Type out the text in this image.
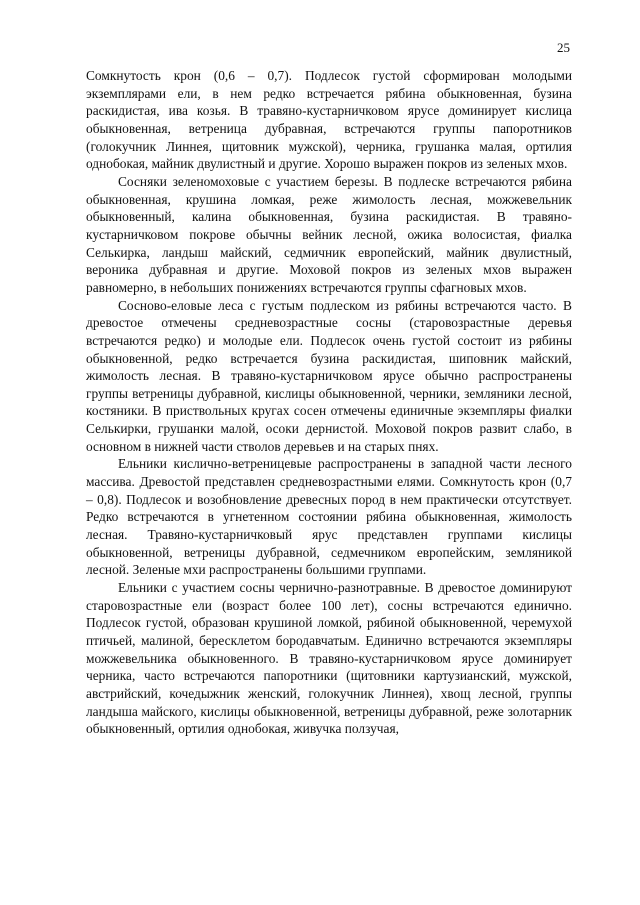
25

Сомкнутость крон (0,6 – 0,7). Подлесок густой сформирован молодыми экземплярами ели, в нем редко встречается рябина обыкновенная, бузина раскидистая, ива козья. В травяно-кустарничковом ярусе доминирует кислица обыкновенная, ветреница дубравная, встречаются группы папоротников (голокучник Линнея, щитовник мужской), черника, грушанка малая, ортилия однобокая, майник двулистный и другие. Хорошо выражен покров из зеленых мхов.

Сосняки зеленомоховые с участием березы. В подлеске встречаются рябина обыкновенная, крушина ломкая, реже жимолость лесная, можжевельник обыкновенный, калина обыкновенная, бузина раскидистая. В травяно-кустарничковом покрове обычны вейник лесной, ожика волосистая, фиалка Селькирка, ландыш майский, седмичник европейский, майник двулистный, вероника дубравная и другие. Моховой покров из зеленых мхов выражен равномерно, в небольших понижениях встречаются группы сфагновых мхов.

Сосново-еловые леса с густым подлеском из рябины встречаются часто. В древостое отмечены средневозрастные сосны (старовозрастные деревья встречаются редко) и молодые ели. Подлесок очень густой состоит из рябины обыкновенной, редко встречается бузина раскидистая, шиповник майский, жимолость лесная. В травяно-кустарничковом ярусе обычно распространены группы ветреницы дубравной, кислицы обыкновенной, черники, земляники лесной, костяники. В приствольных кругах сосен отмечены единичные экземпляры фиалки Селькирки, грушанки малой, осоки дернистой. Моховой покров развит слабо, в основном в нижней части стволов деревьев и на старых пнях.

Ельники кислично-ветреницевые распространены в западной части лесного массива. Древостой представлен средневозрастными елями. Сомкнутость крон (0,7 – 0,8). Подлесок и возобновление древесных пород в нем практически отсутствует. Редко встречаются в угнетенном состоянии рябина обыкновенная, жимолость лесная. Травяно-кустарничковый ярус представлен группами кислицы обыкновенной, ветреницы дубравной, седмечником европейским, земляникой лесной. Зеленые мхи распространены большими группами.

Ельники с участием сосны чернично-разнотравные. В древостое доминируют старовозрастные ели (возраст более 100 лет), сосны встречаются единично. Подлесок густой, образован крушиной ломкой, рябиной обыкновенной, черемухой птичьей, малиной, бересклетом бородавчатым. Единично встречаются экземпляры можжевельника обыкновенного. В травяно-кустарничковом ярусе доминирует черника, часто встречаются папоротники (щитовники картузианский, мужской, австрийский, кочедыжник женский, голокучник Линнея), хвощ лесной, группы ландыша майского, кислицы обыкновенной, ветреницы дубравной, реже золотарник обыкновенный, ортилия однобокая, живучка ползучая,
